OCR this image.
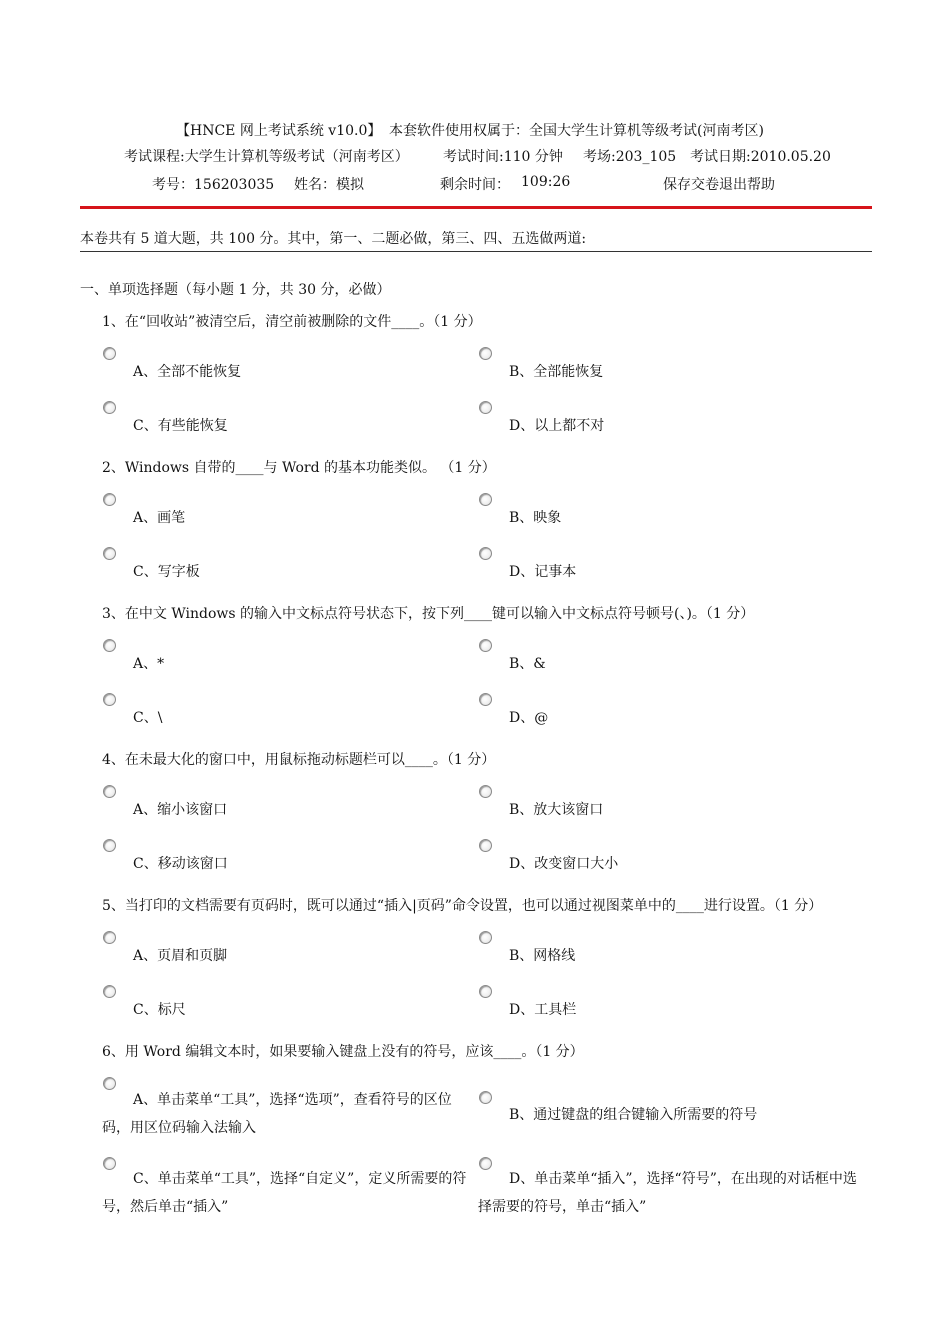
【HNCE 网上考试系统 v10.0】 本套软件使用权属于：全国大学生计算机等级考试(河南考区)
考试课程:大学生计算机等级考试（河南考区） 考试时间:110 分钟 考场:203_105 考试日期:2010.05.20
考号：156203035 姓名：模拟	剩余时间： 109:26	保存交卷退出帮助
本卷共有 5 道大题，共 100 分。其中，第一、二题必做，第三、四、五选做两道:
一、单项选择题（每小题 1 分，共 30 分，必做）
1、在“回收站”被清空后，清空前被删除的文件____。（1 分）
A、全部不能恢复	B、全部能恢复
C、有些能恢复	D、以上都不对
2、Windows 自带的____与 Word 的基本功能类似。 （1 分）
A、画笔	B、映象
C、写字板	D、记事本
3、在中文 Windows 的输入中文标点符号状态下，按下列____键可以输入中文标点符号顿号(、)。（1 分）
A、*	B、&
C、\	D、@
4、在未最大化的窗口中，用鼠标拖动标题栏可以____。（1 分）
A、缩小该窗口	B、放大该窗口
C、移动该窗口	D、改变窗口大小
5、当打印的文档需要有页码时，既可以通过“插入|页码”命令设置，也可以通过视图菜单中的____进行设置。（1 分）
A、页眉和页脚	B、网格线
C、标尺	D、工具栏
6、用 Word 编辑文本时，如果要输入键盘上没有的符号，应该____。（1 分）
A、单击菜单“工具”，选择“选项”，查看符号的区位码，用区位码输入法输入
B、通过键盘的组合键输入所需要的符号
C、单击菜单“工具”，选择“自定义”，定义所需要的符号，然后单击“插入”
D、单击菜单“插入”，选择“符号”，在出现的对话框中选择需要的符号，单击“插入”
